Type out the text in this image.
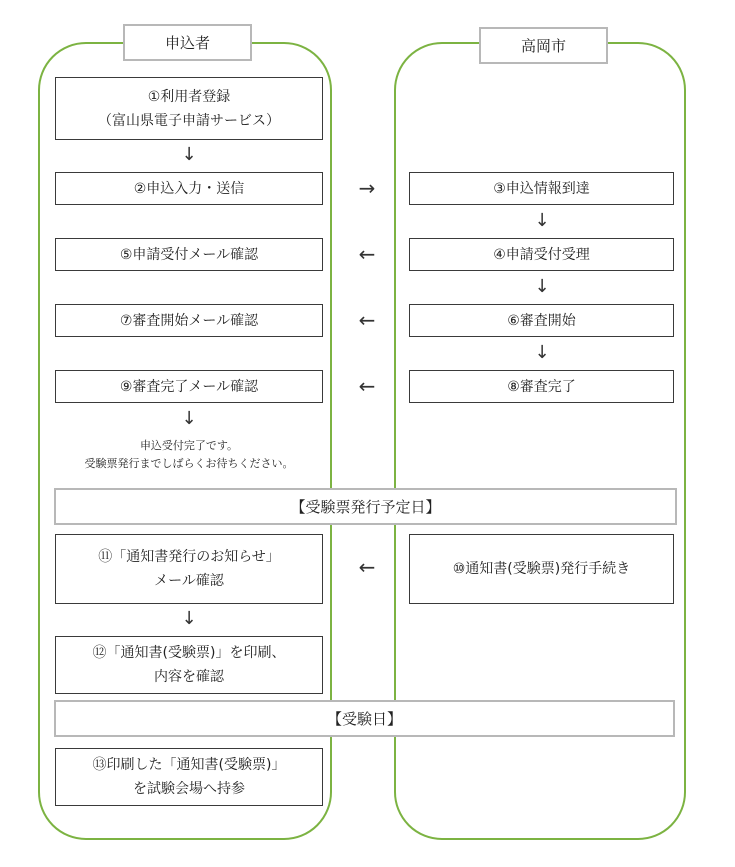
申込者	高岡市
①利用者登録
（富山県電子申請サービス）
↓
②申込入力・送信	→	③申込情報到達
↓
⑤申請受付メール確認	←	④申請受付受理
↓
⑦審査開始メール確認	←	⑥審査開始
↓
⑨審査完了メール確認	←	⑧審査完了
↓
申込受付完了です。
受験票発行までしばらくお待ちください。
【受験票発行予定日】
⑪「通知書発行のお知らせ」
メール確認
←	⑩通知書(受験票)発行手続き
↓
⑫「通知書(受験票)」を印刷、
内容を確認
【受験日】
⑬印刷した「通知書(受験票)」
を試験会場へ持参
